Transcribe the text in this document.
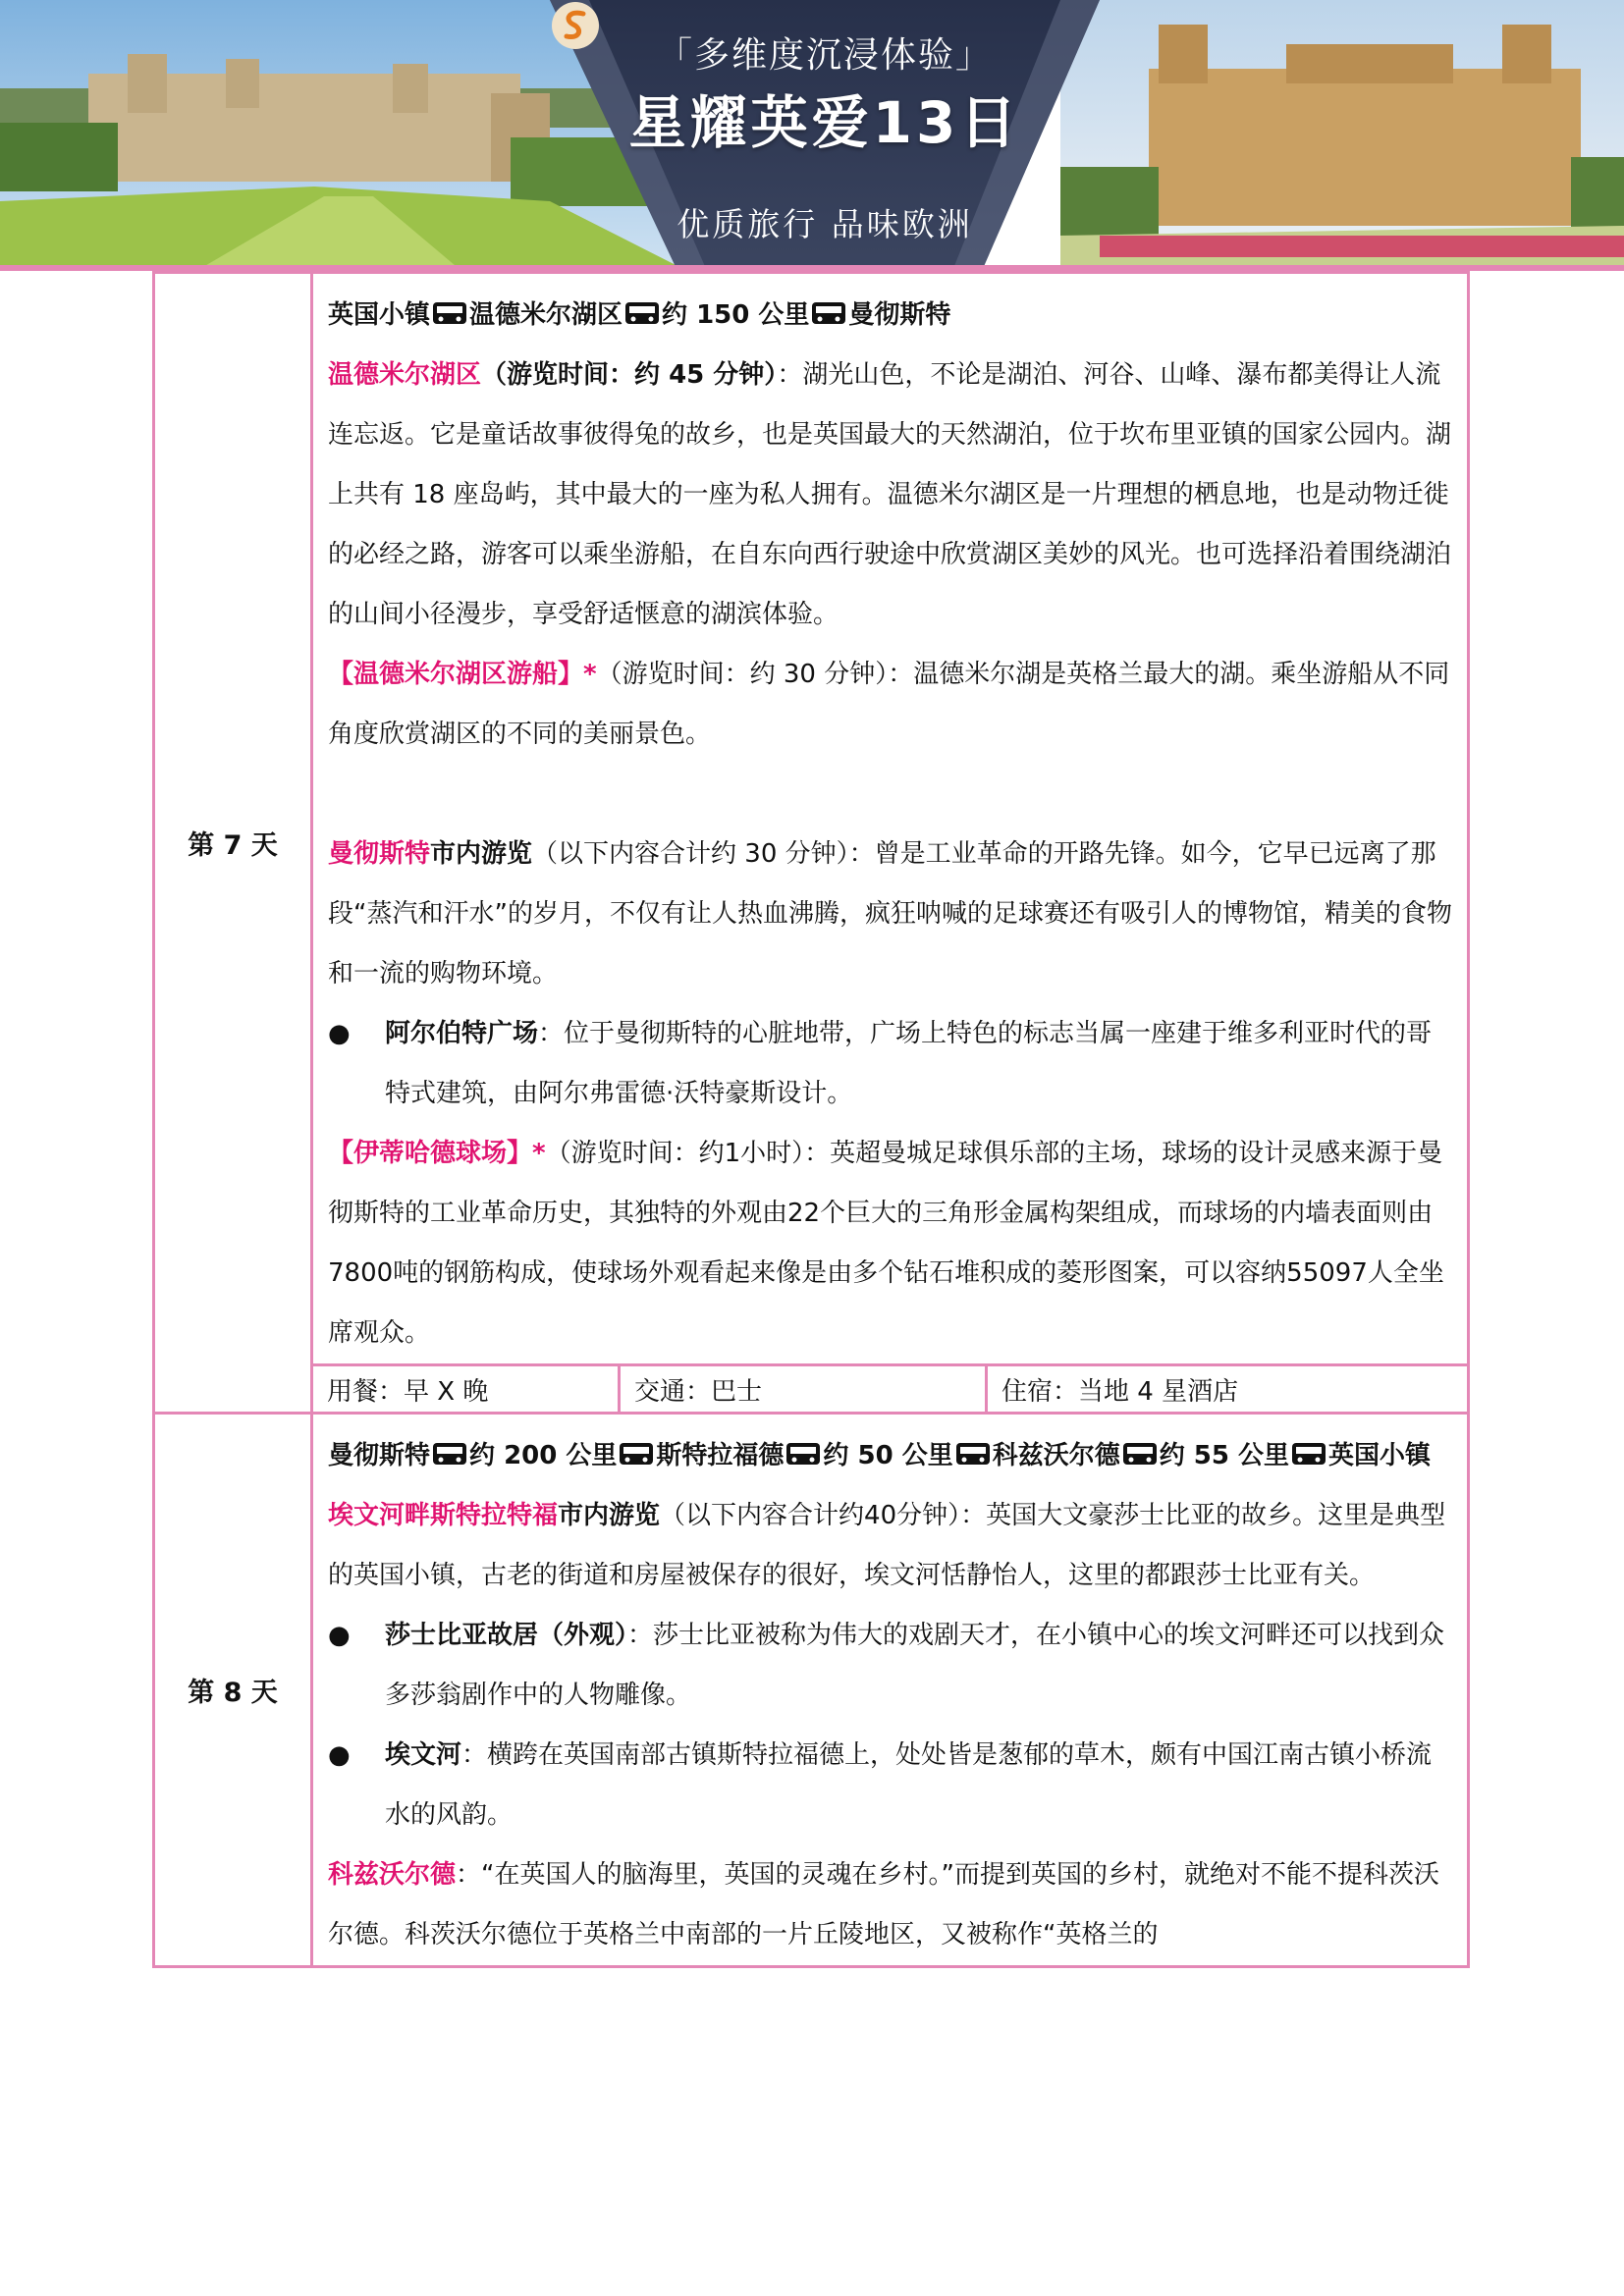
「多维度沉浸体验」
星耀英爱13日
优质旅行 品味欧洲
第 7 天

英国小镇 温德米尔湖区 约 150 公里 曼彻斯特

温德米尔湖区（游览时间：约 45 分钟）：湖光山色，不论是湖泊、河谷、山峰、瀑布都美得让人流连忘返。它是童话故事彼得兔的故乡，也是英国最大的天然湖泊，位于坎布里亚镇的国家公园内。湖上共有 18 座岛屿，其中最大的一座为私人拥有。温德米尔湖区是一片理想的栖息地，也是动物迁徙的必经之路，游客可以乘坐游船，在自东向西行驶途中欣赏湖区美妙的风光。也可选择沿着围绕湖泊的山间小径漫步，享受舒适惬意的湖滨体验。

【温德米尔湖区游船】*（游览时间：约 30 分钟）：温德米尔湖是英格兰最大的湖。乘坐游船从不同角度欣赏湖区的不同的美丽景色。

曼彻斯特市内游览（以下内容合计约 30 分钟）：曾是工业革命的开路先锋。如今，它早已远离了那段“蒸汽和汗水”的岁月，不仅有让人热血沸腾，疯狂呐喊的足球赛还有吸引人的博物馆，精美的食物和一流的购物环境。

●	阿尔伯特广场：位于曼彻斯特的心脏地带，广场上特色的标志当属一座建于维多利亚时代的哥特式建筑，由阿尔弗雷德·沃特豪斯设计。

【伊蒂哈德球场】*（游览时间：约1小时）：英超曼城足球俱乐部的主场，球场的设计灵感来源于曼彻斯特的工业革命历史，其独特的外观由22个巨大的三角形金属构架组成，而球场的内墙表面则由7800吨的钢筋构成，使球场外观看起来像是由多个钻石堆积成的菱形图案，可以容纳55097人全坐席观众。

用餐：早 X 晚	交通：巴士	住宿：当地 4 星酒店
第 8 天

曼彻斯特 约 200 公里 斯特拉福德 约 50 公里 科兹沃尔德 约 55 公里 英国小镇

埃文河畔斯特拉特福市内游览（以下内容合计约40分钟）：英国大文豪莎士比亚的故乡。这里是典型的英国小镇，古老的街道和房屋被保存的很好，埃文河恬静怡人，这里的都跟莎士比亚有关。

●	莎士比亚故居（外观）：莎士比亚被称为伟大的戏剧天才，在小镇中心的埃文河畔还可以找到众多莎翁剧作中的人物雕像。

●	埃文河：横跨在英国南部古镇斯特拉福德上，处处皆是葱郁的草木，颇有中国江南古镇小桥流水的风韵。

科兹沃尔德：“在英国人的脑海里，英国的灵魂在乡村。”而提到英国的乡村，就绝对不能不提科茨沃尔德。科茨沃尔德位于英格兰中南部的一片丘陵地区，又被称作“英格兰的
